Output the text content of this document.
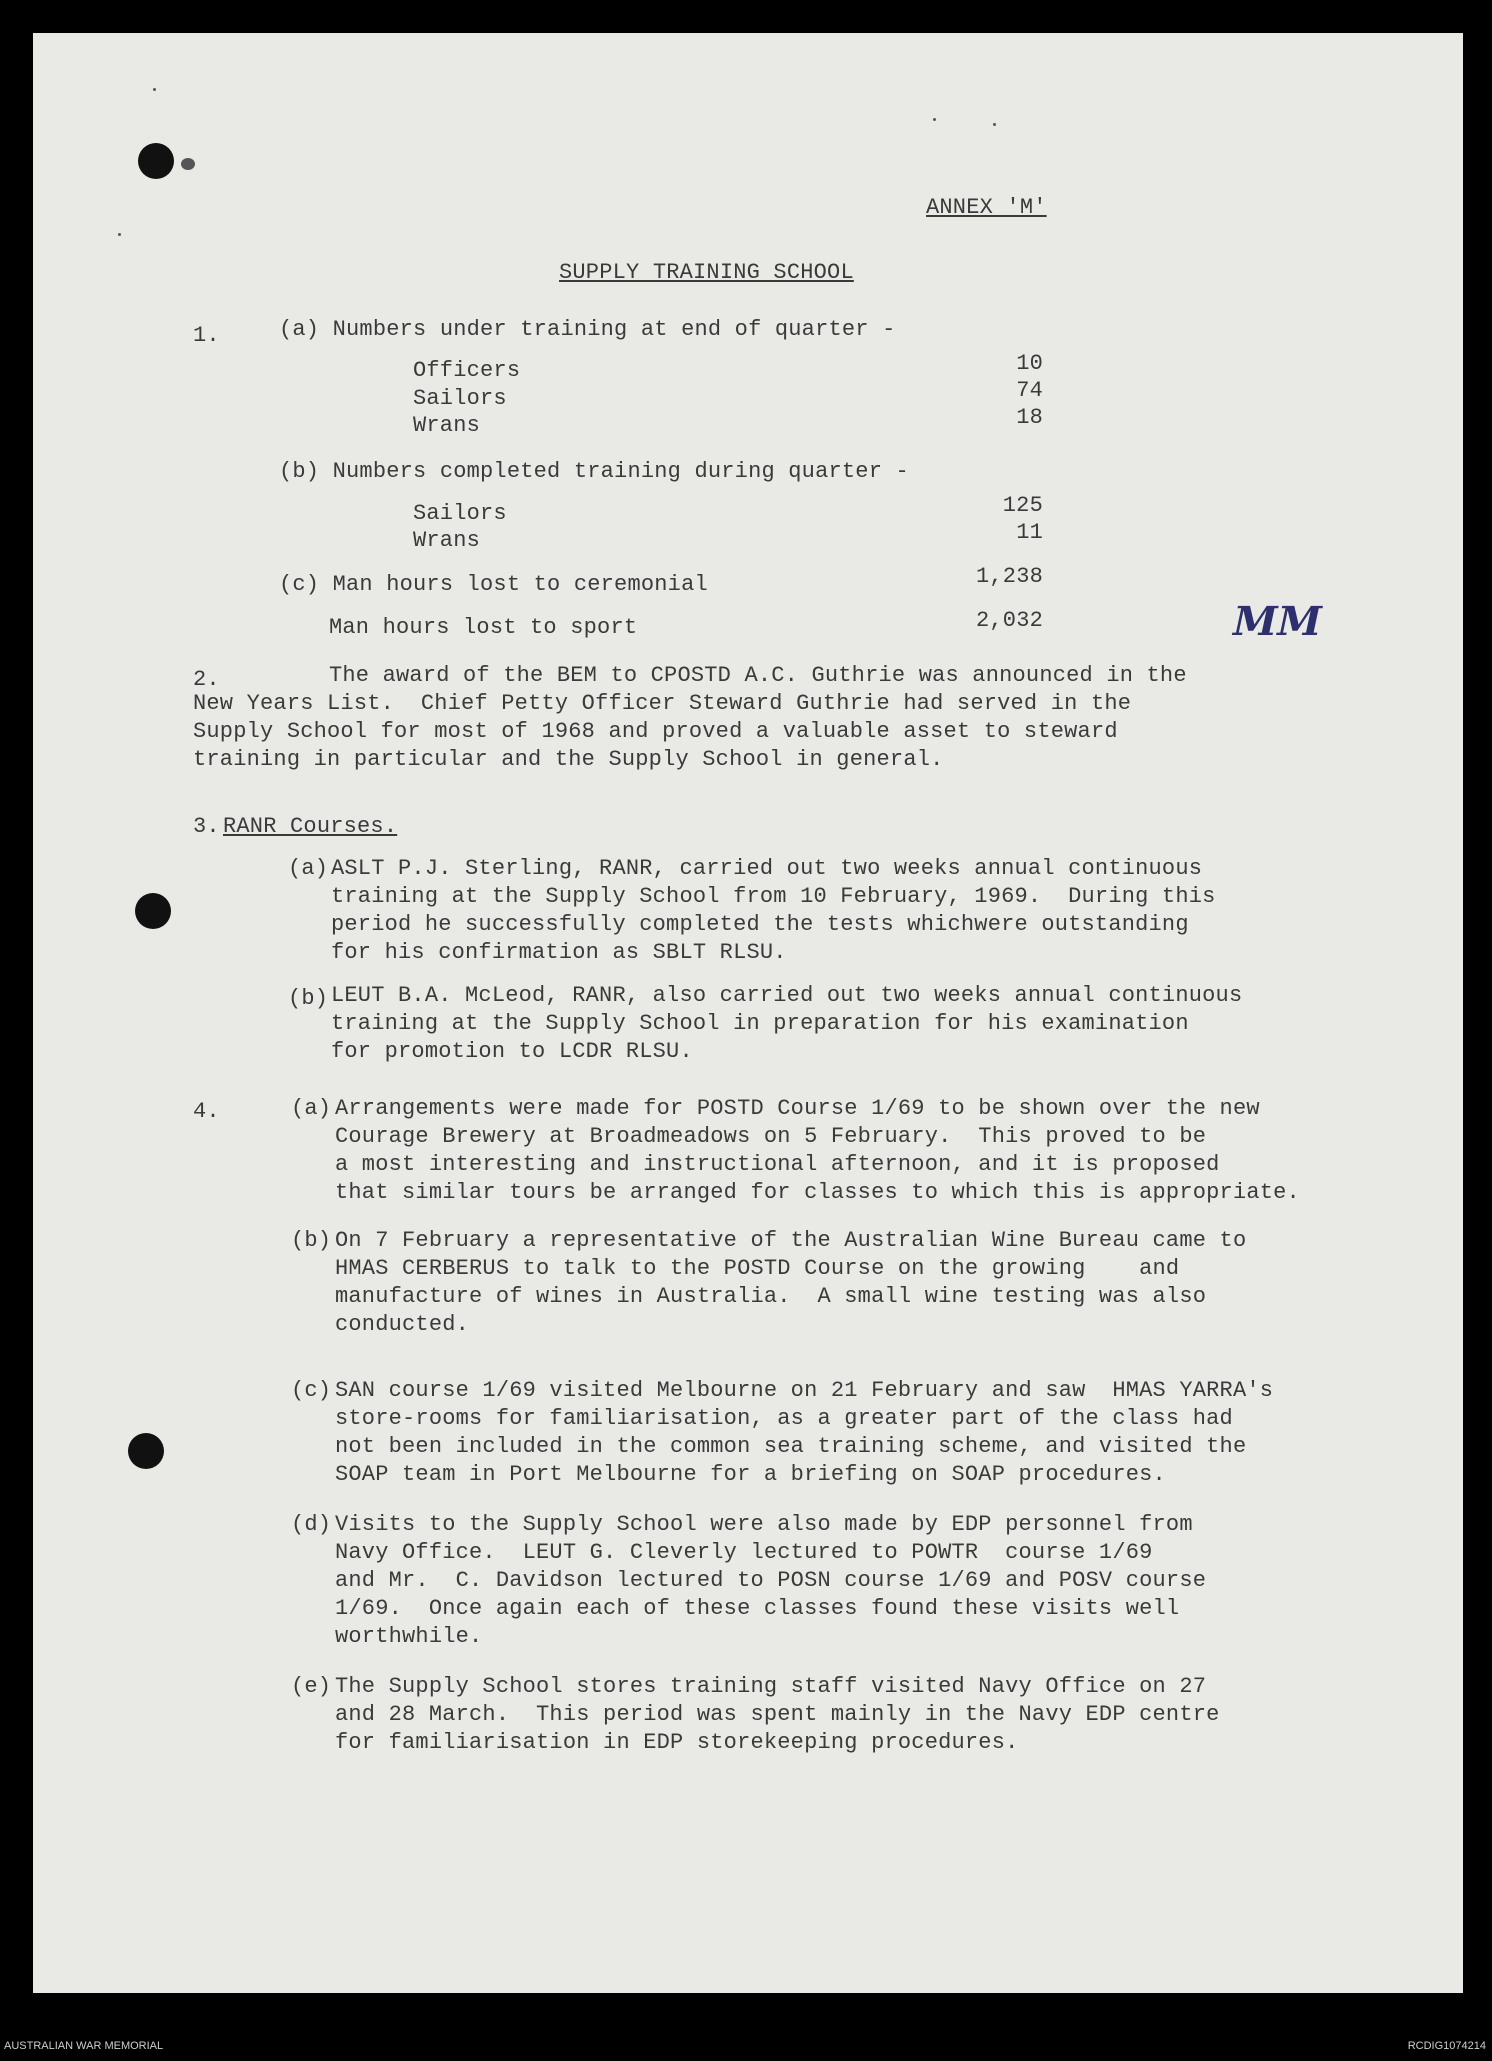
ANNEX 'M'
SUPPLY TRAINING SCHOOL
1.	(a) Numbers under training at end of quarter -
Officers	10
Sailors	74
Wrans	18
(b) Numbers completed training during quarter -
Sailors	125
Wrans	11
(c) Man hours lost to ceremonial	1,238
Man hours lost to sport	2,032	MM
2.	The award of the BEM to CPOSTD A.C. Guthrie was announced in the
New Years List.  Chief Petty Officer Steward Guthrie had served in the
Supply School for most of 1968 and proved a valuable asset to steward
training in particular and the Supply School in general.
3. RANR Courses.
(a) ASLT P.J. Sterling, RANR, carried out two weeks annual continuous
training at the Supply School from 10 February, 1969.  During this
period he successfully completed the tests whichwere outstanding
for his confirmation as SBLT RLSU.
(b) LEUT B.A. McLeod, RANR, also carried out two weeks annual continuous
training at the Supply School in preparation for his examination
for promotion to LCDR RLSU.
4.	(a) Arrangements were made for POSTD Course 1/69 to be shown over the new
Courage Brewery at Broadmeadows on 5 February.  This proved to be
a most interesting and instructional afternoon, and it is proposed
that similar tours be arranged for classes to which this is appropriate.
(b) On 7 February a representative of the Australian Wine Bureau came to
HMAS CERBERUS to talk to the POSTD Course on the growing    and
manufacture of wines in Australia.  A small wine testing was also
conducted.
(c) SAN course 1/69 visited Melbourne on 21 February and saw  HMAS YARRA's
store-rooms for familiarisation, as a greater part of the class had
not been included in the common sea training scheme, and visited the
SOAP team in Port Melbourne for a briefing on SOAP procedures.
(d) Visits to the Supply School were also made by EDP personnel from
Navy Office.  LEUT G. Cleverly lectured to POWTR  course 1/69
and Mr.  C. Davidson lectured to POSN course 1/69 and POSV course
1/69.  Once again each of these classes found these visits well
worthwhile.
(e) The Supply School stores training staff visited Navy Office on 27
and 28 March.  This period was spent mainly in the Navy EDP centre
for familiarisation in EDP storekeeping procedures.
AUSTRALIAN WAR MEMORIAL	RCDIG1074214
